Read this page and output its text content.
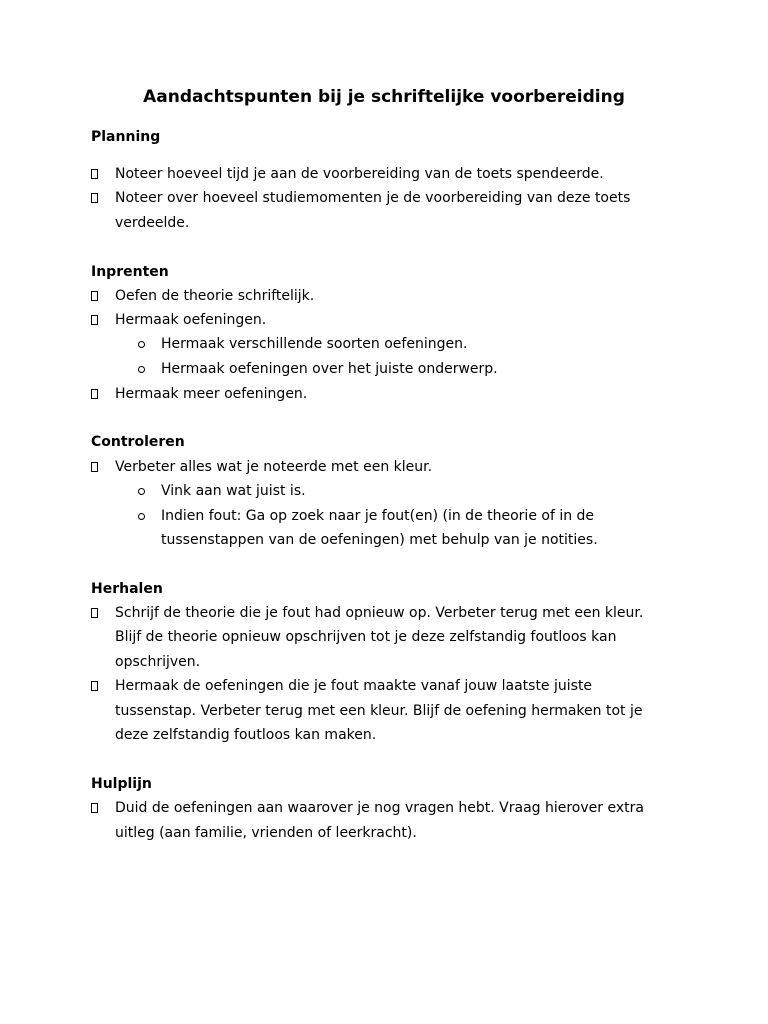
Aandachtspunten bij je schriftelijke voorbereiding
Planning
Noteer hoeveel tijd je aan de voorbereiding van de toets spendeerde.
Noteer over hoeveel studiemomenten je de voorbereiding van deze toets
verdeelde.
Inprenten
Oefen de theorie schriftelijk.
Hermaak oefeningen.
Hermaak verschillende soorten oefeningen.
Hermaak oefeningen over het juiste onderwerp.
Hermaak meer oefeningen.
Controleren
Verbeter alles wat je noteerde met een kleur.
Vink aan wat juist is.
Indien fout: Ga op zoek naar je fout(en) (in de theorie of in de
tussenstappen van de oefeningen) met behulp van je notities.
Herhalen
Schrijf de theorie die je fout had opnieuw op. Verbeter terug met een kleur.
Blijf de theorie opnieuw opschrijven tot je deze zelfstandig foutloos kan
opschrijven.
Hermaak de oefeningen die je fout maakte vanaf jouw laatste juiste
tussenstap. Verbeter terug met een kleur. Blijf de oefening hermaken tot je
deze zelfstandig foutloos kan maken.
Hulplijn
Duid de oefeningen aan waarover je nog vragen hebt. Vraag hierover extra
uitleg (aan familie, vrienden of leerkracht).
